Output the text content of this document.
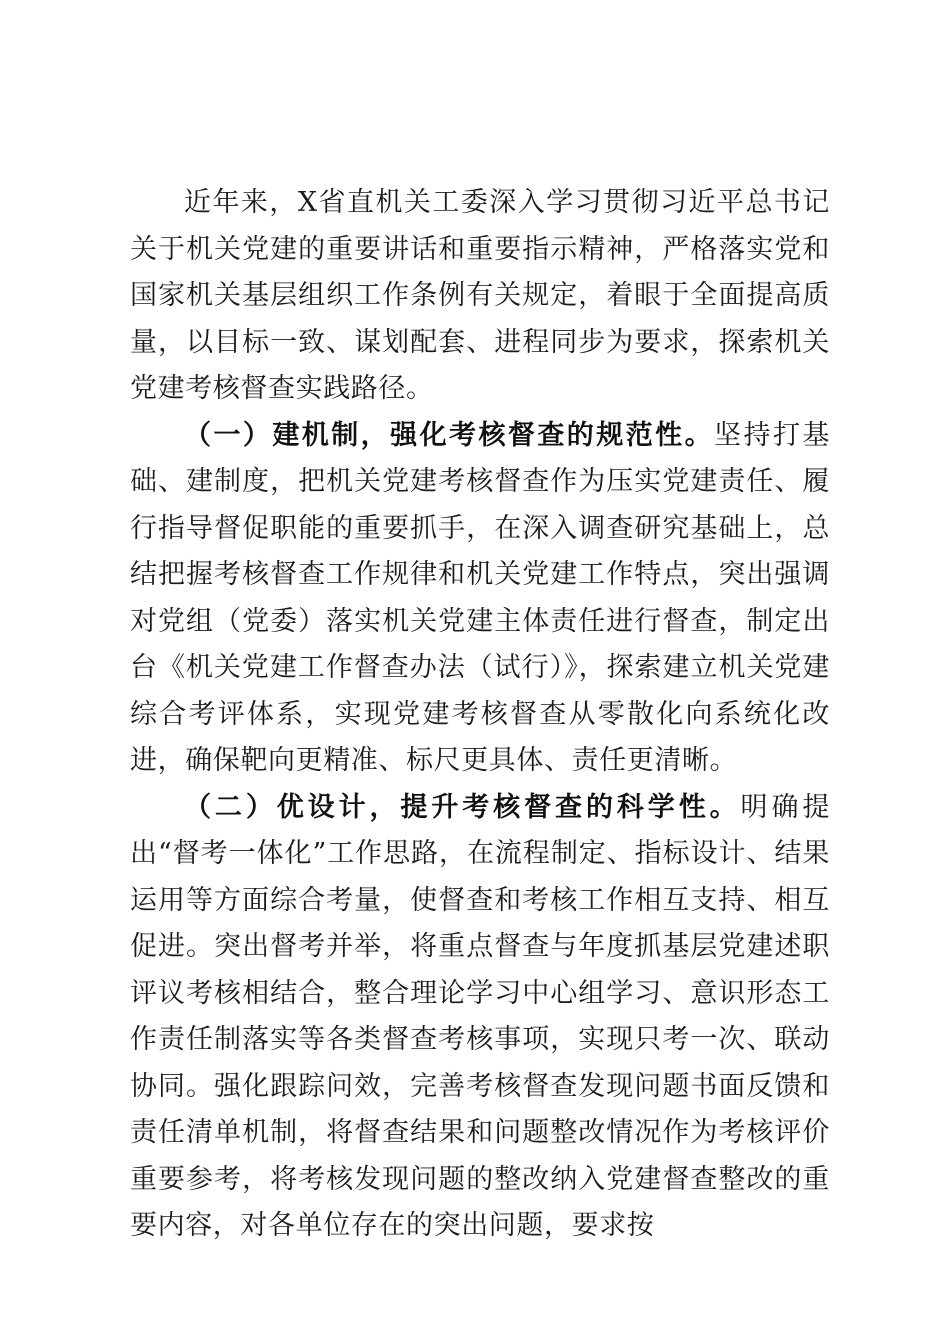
近年来，X省直机关工委深入学习贯彻习近平总书记关于机关党建的重要讲话和重要指示精神，严格落实党和国家机关基层组织工作条例有关规定，着眼于全面提高质量，以目标一致、谋划配套、进程同步为要求，探索机关党建考核督查实践路径。

（一）建机制，强化考核督查的规范性。坚持打基础、建制度，把机关党建考核督查作为压实党建责任、履行指导督促职能的重要抓手，在深入调查研究基础上，总结把握考核督查工作规律和机关党建工作特点，突出强调对党组（党委）落实机关党建主体责任进行督查，制定出台《机关党建工作督查办法（试行）》，探索建立机关党建综合考评体系，实现党建考核督查从零散化向系统化改进，确保靶向更精准、标尺更具体、责任更清晰。

（二）优设计，提升考核督查的科学性。明确提出“督考一体化”工作思路，在流程制定、指标设计、结果运用等方面综合考量，使督查和考核工作相互支持、相互促进。突出督考并举，将重点督查与年度抓基层党建述职评议考核相结合，整合理论学习中心组学习、意识形态工作责任制落实等各类督查考核事项，实现只考一次、联动协同。强化跟踪问效，完善考核督查发现问题书面反馈和责任清单机制，将督查结果和问题整改情况作为考核评价重要参考，将考核发现问题的整改纳入党建督查整改的重要内容，对各单位存在的突出问题，要求按
